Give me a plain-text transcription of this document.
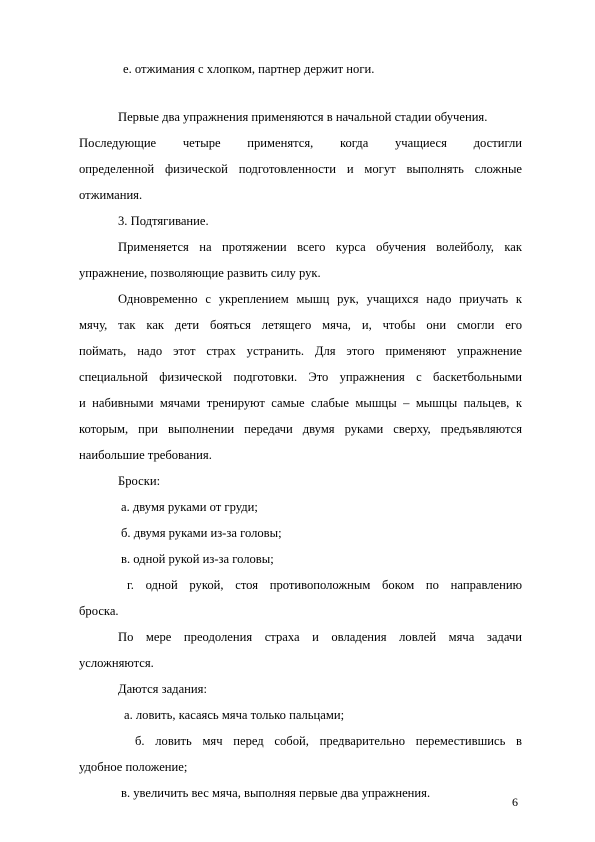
е. отжимания с хлопком, партнер держит ноги.
Первые два упражнения применяются в начальной стадии обучения.
Последующие четыре применятся, когда учащиеся достигли
определенной физической подготовленности и могут выполнять сложные
отжимания.
3. Подтягивание.
Применяется на протяжении всего курса обучения волейболу, как
упражнение, позволяющие развить силу рук.
Одновременно с укреплением мышц рук, учащихся надо приучать к
мячу, так как дети бояться летящего мяча, и, чтобы они смогли его
поймать, надо этот страх устранить. Для этого применяют упражнение
специальной физической подготовки. Это упражнения с баскетбольными
и набивными мячами тренируют самые слабые мышцы – мышцы пальцев, к
которым, при выполнении передачи двумя руками сверху, предъявляются
наибольшие требования.
Броски:
а. двумя руками от груди;
б. двумя руками из-за головы;
в. одной рукой из-за головы;
г. одной рукой, стоя противоположным боком по направлению
броска.
По мере преодоления страха и овладения ловлей мяча задачи
усложняются.
Даются задания:
а. ловить, касаясь мяча только пальцами;
б. ловить мяч перед собой, предварительно переместившись в
удобное положение;
в. увеличить вес мяча, выполняя первые два упражнения.
6
